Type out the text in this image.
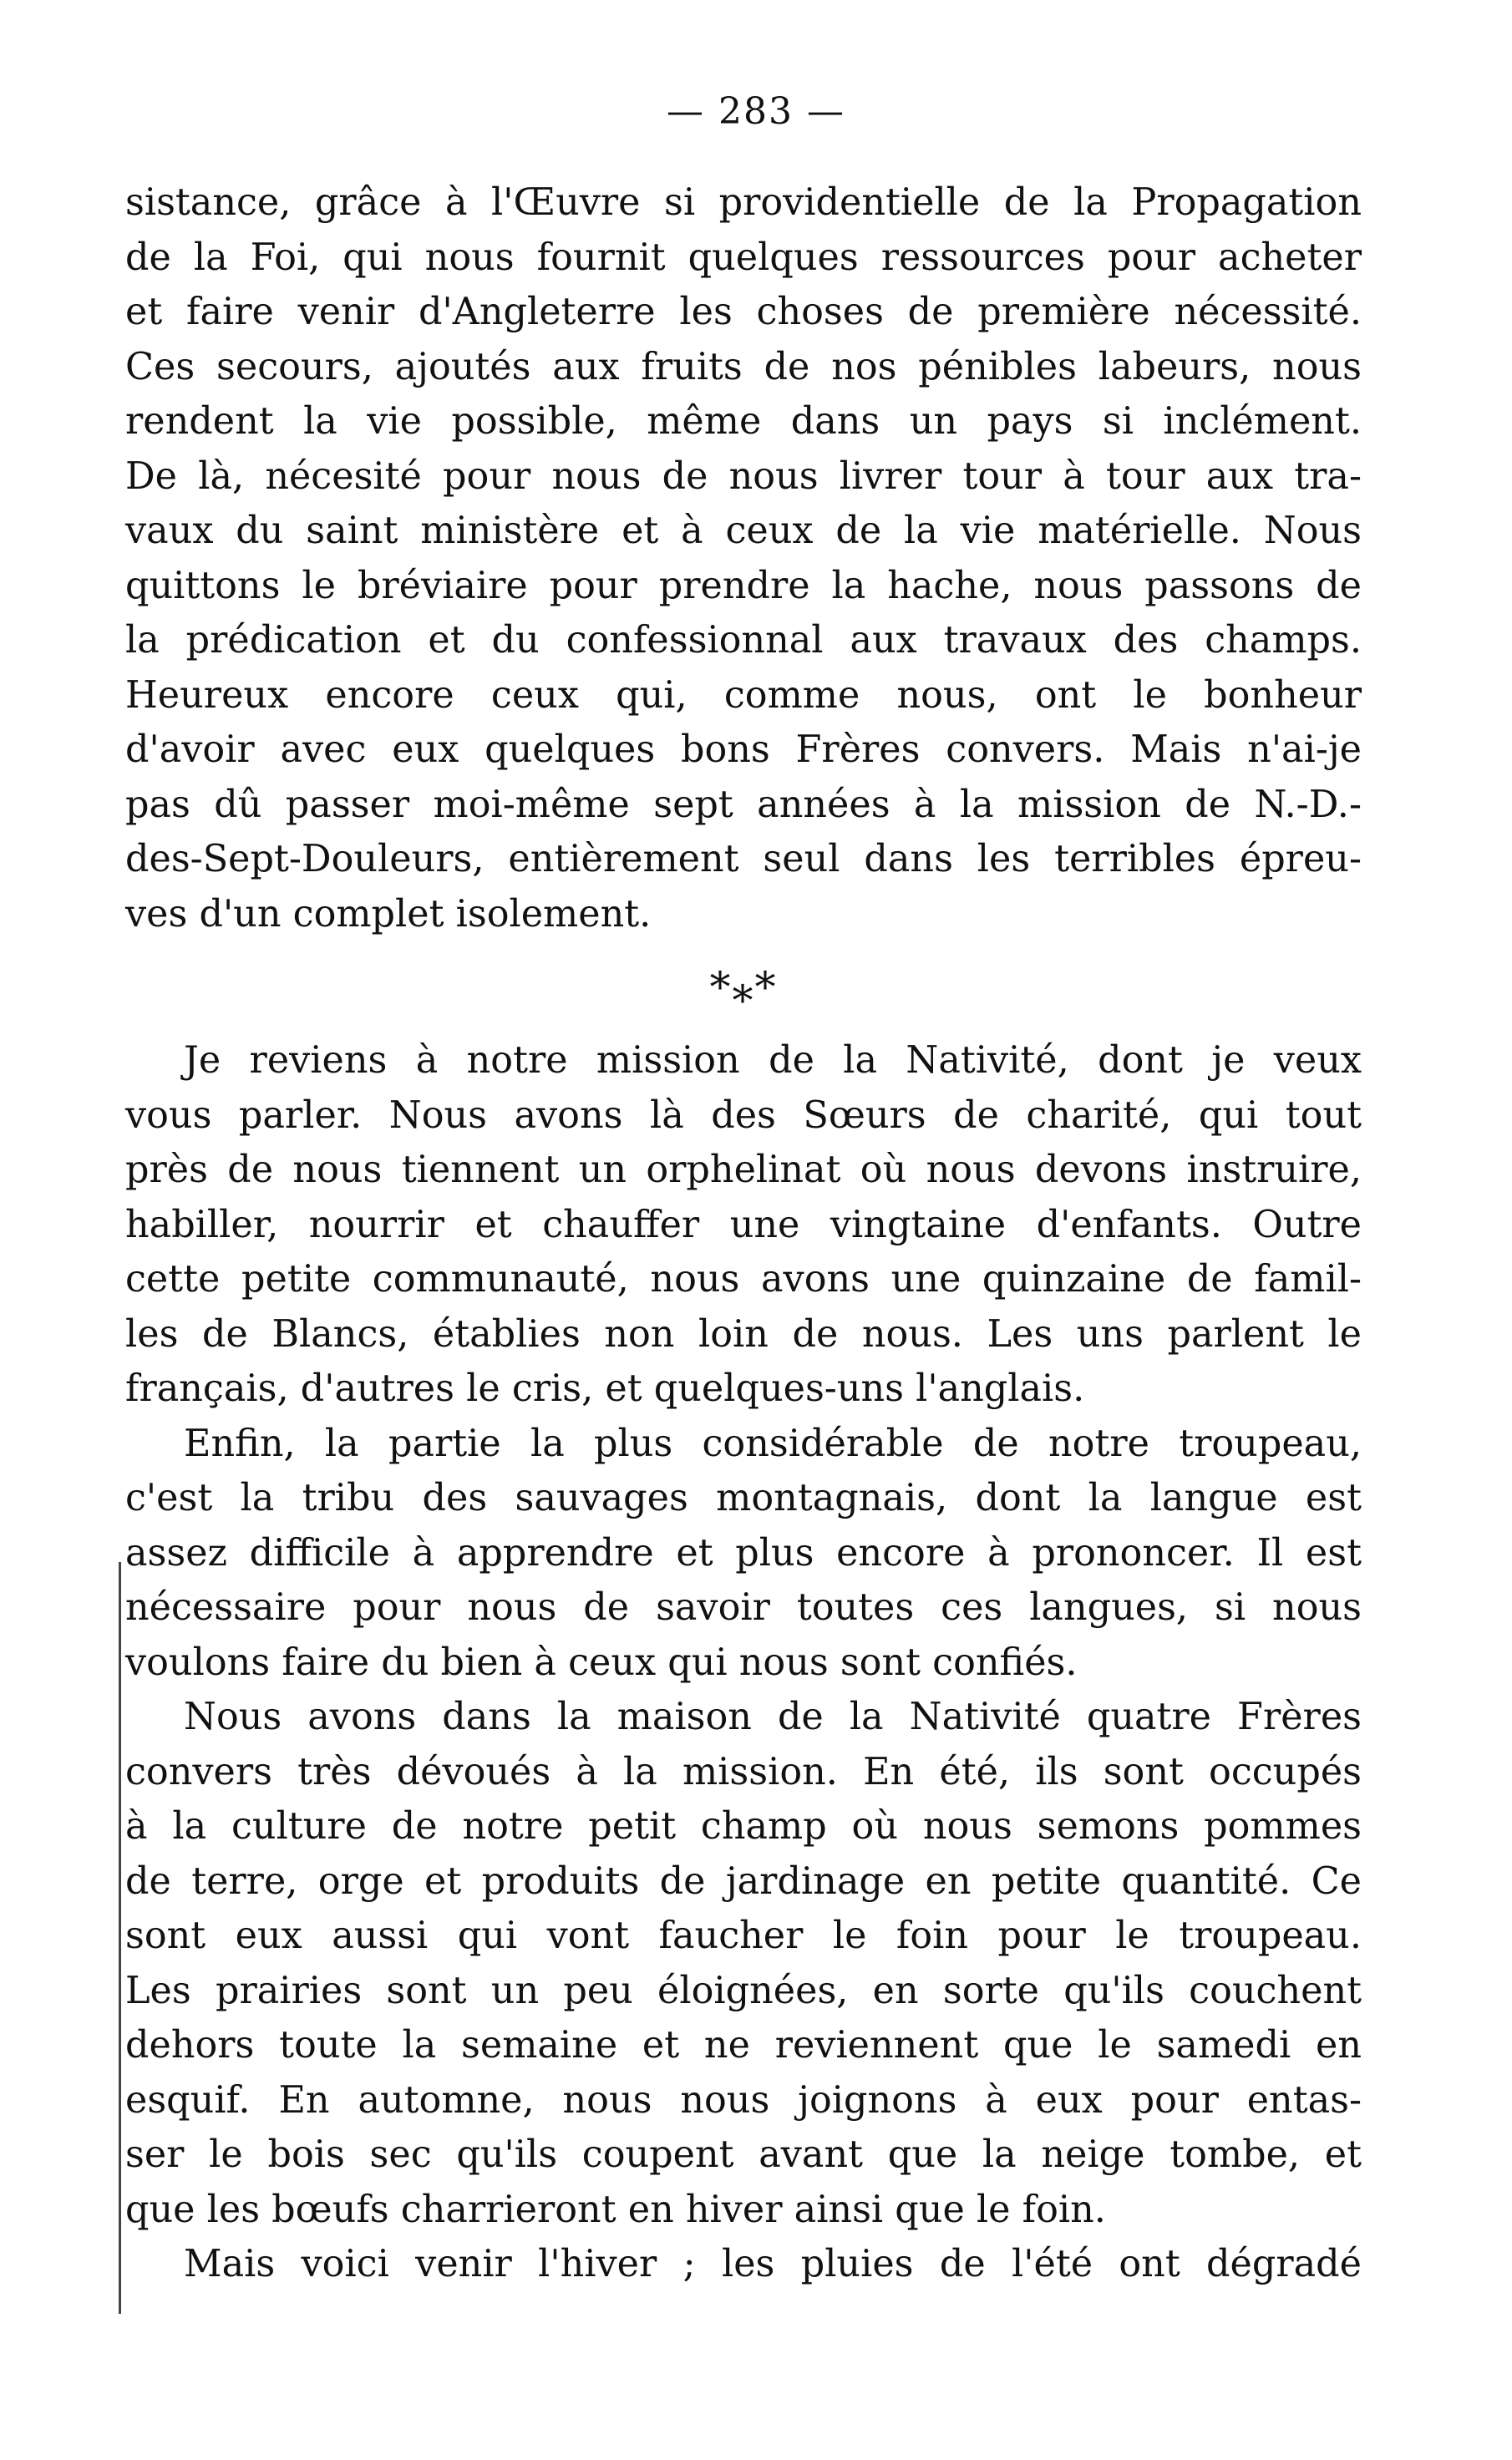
— 283 —
sistance, grâce à l'Œuvre si providentielle de la Propagation
de la Foi, qui nous fournit quelques ressources pour acheter
et faire venir d'Angleterre les choses de première nécessité.
Ces secours, ajoutés aux fruits de nos pénibles labeurs, nous
rendent la vie possible, même dans un pays si inclément.
De là, nécesité pour nous de nous livrer tour à tour aux tra-
vaux du saint ministère et à ceux de la vie matérielle. Nous
quittons le bréviaire pour prendre la hache, nous passons de
la prédication et du confessionnal aux travaux des champs.
Heureux encore ceux qui, comme nous, ont le bonheur
d'avoir avec eux quelques bons Frères convers. Mais n'ai-je
pas dû passer moi-même sept années à la mission de N.-D.-
des-Sept-Douleurs, entièrement seul dans les terribles épreu-
ves d'un complet isolement.
*⁎*
Je reviens à notre mission de la Nativité, dont je veux
vous parler. Nous avons là des Sœurs de charité, qui tout
près de nous tiennent un orphelinat où nous devons instruire,
habiller, nourrir et chauffer une vingtaine d'enfants. Outre
cette petite communauté, nous avons une quinzaine de famil-
les de Blancs, établies non loin de nous. Les uns parlent le
français, d'autres le cris, et quelques-uns l'anglais.
Enfin, la partie la plus considérable de notre troupeau,
c'est la tribu des sauvages montagnais, dont la langue est
assez difficile à apprendre et plus encore à prononcer. Il est
nécessaire pour nous de savoir toutes ces langues, si nous
voulons faire du bien à ceux qui nous sont confiés.
Nous avons dans la maison de la Nativité quatre Frères
convers très dévoués à la mission. En été, ils sont occupés
à la culture de notre petit champ où nous semons pommes
de terre, orge et produits de jardinage en petite quantité. Ce
sont eux aussi qui vont faucher le foin pour le troupeau.
Les prairies sont un peu éloignées, en sorte qu'ils couchent
dehors toute la semaine et ne reviennent que le samedi en
esquif. En automne, nous nous joignons à eux pour entas-
ser le bois sec qu'ils coupent avant que la neige tombe, et
que les bœufs charrieront en hiver ainsi que le foin.
Mais voici venir l'hiver ; les pluies de l'été ont dégradé
